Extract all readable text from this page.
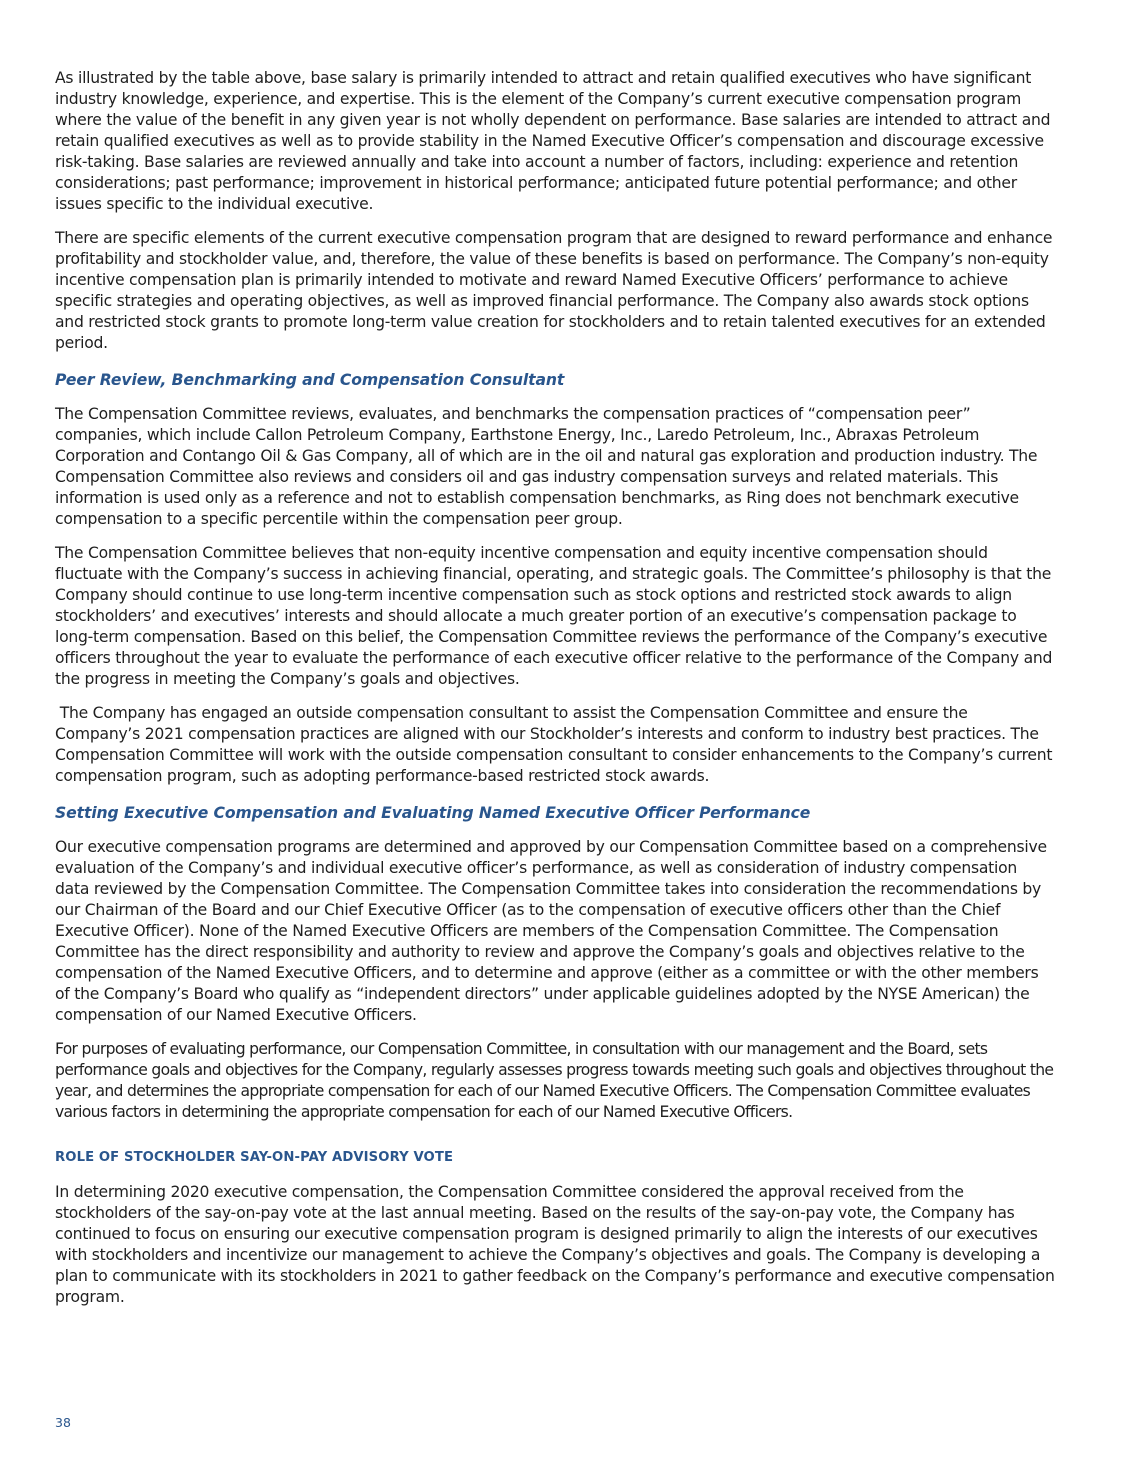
As illustrated by the table above, base salary is primarily intended to attract and retain qualified executives who have significant industry knowledge, experience, and expertise. This is the element of the Company’s current executive compensation program where the value of the benefit in any given year is not wholly dependent on performance. Base salaries are intended to attract and retain qualified executives as well as to provide stability in the Named Executive Officer’s compensation and discourage excessive risk-taking. Base salaries are reviewed annually and take into account a number of factors, including: experience and retention considerations; past performance; improvement in historical performance; anticipated future potential performance; and other issues specific to the individual executive.

There are specific elements of the current executive compensation program that are designed to reward performance and enhance profitability and stockholder value, and, therefore, the value of these benefits is based on performance. The Company’s non-equity incentive compensation plan is primarily intended to motivate and reward Named Executive Officers’ performance to achieve specific strategies and operating objectives, as well as improved financial performance. The Company also awards stock options and restricted stock grants to promote long-term value creation for stockholders and to retain talented executives for an extended period.

Peer Review, Benchmarking and Compensation Consultant

The Compensation Committee reviews, evaluates, and benchmarks the compensation practices of “compensation peer” companies, which include Callon Petroleum Company, Earthstone Energy, Inc., Laredo Petroleum, Inc., Abraxas Petroleum Corporation and Contango Oil & Gas Company, all of which are in the oil and natural gas exploration and production industry. The Compensation Committee also reviews and considers oil and gas industry compensation surveys and related materials. This information is used only as a reference and not to establish compensation benchmarks, as Ring does not benchmark executive compensation to a specific percentile within the compensation peer group.

The Compensation Committee believes that non-equity incentive compensation and equity incentive compensation should fluctuate with the Company’s success in achieving financial, operating, and strategic goals. The Committee’s philosophy is that the Company should continue to use long-term incentive compensation such as stock options and restricted stock awards to align stockholders’ and executives’ interests and should allocate a much greater portion of an executive’s compensation package to long-term compensation. Based on this belief, the Compensation Committee reviews the performance of the Company’s executive officers throughout the year to evaluate the performance of each executive officer relative to the performance of the Company and the progress in meeting the Company’s goals and objectives.

The Company has engaged an outside compensation consultant to assist the Compensation Committee and ensure the Company’s 2021 compensation practices are aligned with our Stockholder’s interests and conform to industry best practices. The Compensation Committee will work with the outside compensation consultant to consider enhancements to the Company’s current compensation program, such as adopting performance-based restricted stock awards.

Setting Executive Compensation and Evaluating Named Executive Officer Performance

Our executive compensation programs are determined and approved by our Compensation Committee based on a comprehensive evaluation of the Company’s and individual executive officer’s performance, as well as consideration of industry compensation data reviewed by the Compensation Committee. The Compensation Committee takes into consideration the recommendations by our Chairman of the Board and our Chief Executive Officer (as to the compensation of executive officers other than the Chief Executive Officer). None of the Named Executive Officers are members of the Compensation Committee. The Compensation Committee has the direct responsibility and authority to review and approve the Company’s goals and objectives relative to the compensation of the Named Executive Officers, and to determine and approve (either as a committee or with the other members of the Company’s Board who qualify as “independent directors” under applicable guidelines adopted by the NYSE American) the compensation of our Named Executive Officers.

For purposes of evaluating performance, our Compensation Committee, in consultation with our management and the Board, sets performance goals and objectives for the Company, regularly assesses progress towards meeting such goals and objectives throughout the year, and determines the appropriate compensation for each of our Named Executive Officers. The Compensation Committee evaluates various factors in determining the appropriate compensation for each of our Named Executive Officers.

ROLE OF STOCKHOLDER SAY-ON-PAY ADVISORY VOTE

In determining 2020 executive compensation, the Compensation Committee considered the approval received from the stockholders of the say-on-pay vote at the last annual meeting. Based on the results of the say-on-pay vote, the Company has continued to focus on ensuring our executive compensation program is designed primarily to align the interests of our executives with stockholders and incentivize our management to achieve the Company’s objectives and goals. The Company is developing a plan to communicate with its stockholders in 2021 to gather feedback on the Company’s performance and executive compensation program.

38
